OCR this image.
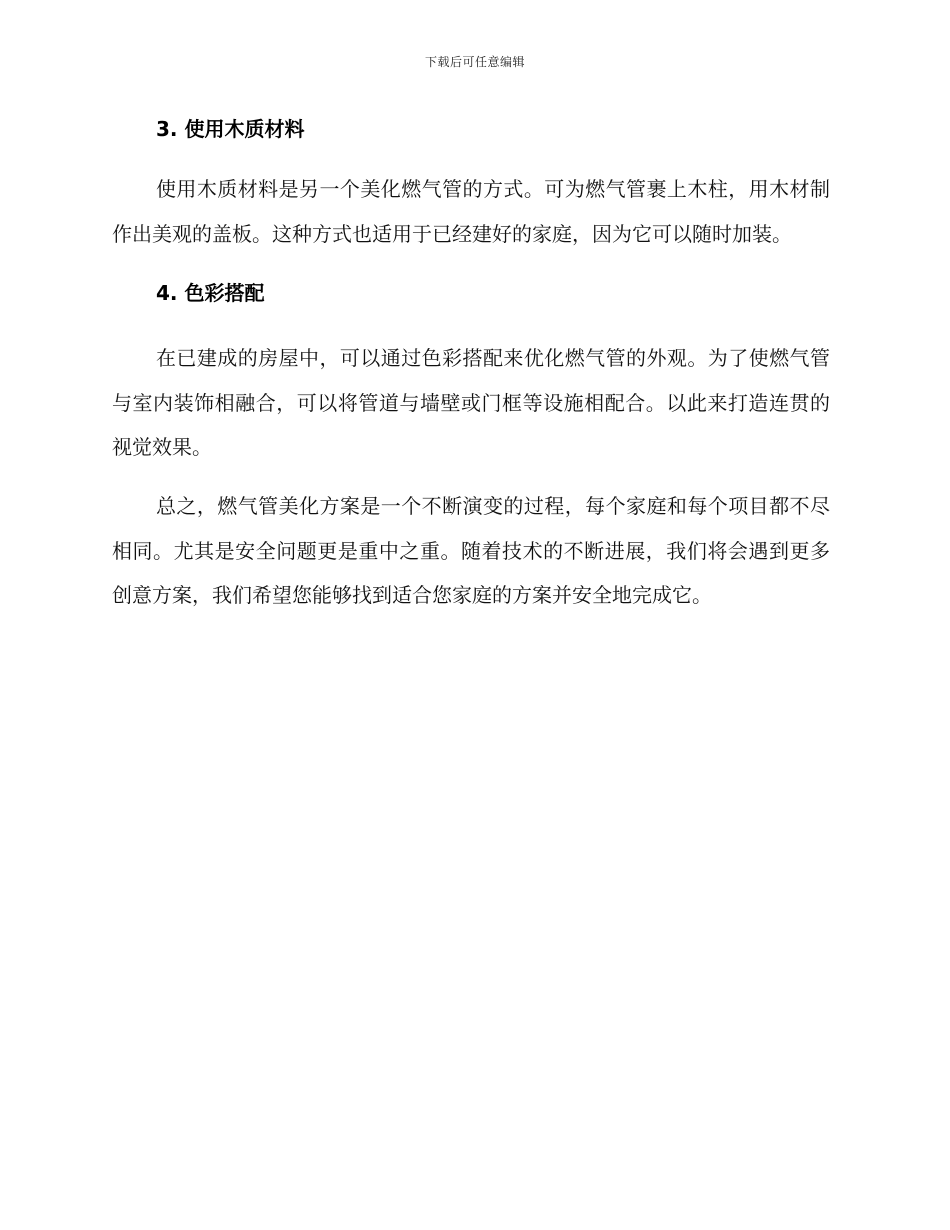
下载后可任意编辑
3. 使用木质材料

使用木质材料是另一个美化燃气管的方式。可为燃气管裹上木柱，用木材制作出美观的盖板。这种方式也适用于已经建好的家庭，因为它可以随时加装。

4. 色彩搭配

在已建成的房屋中，可以通过色彩搭配来优化燃气管的外观。为了使燃气管与室内装饰相融合，可以将管道与墙壁或门框等设施相配合。以此来打造连贯的视觉效果。

总之，燃气管美化方案是一个不断演变的过程，每个家庭和每个项目都不尽相同。尤其是安全问题更是重中之重。随着技术的不断进展，我们将会遇到更多创意方案，我们希望您能够找到适合您家庭的方案并安全地完成它。
